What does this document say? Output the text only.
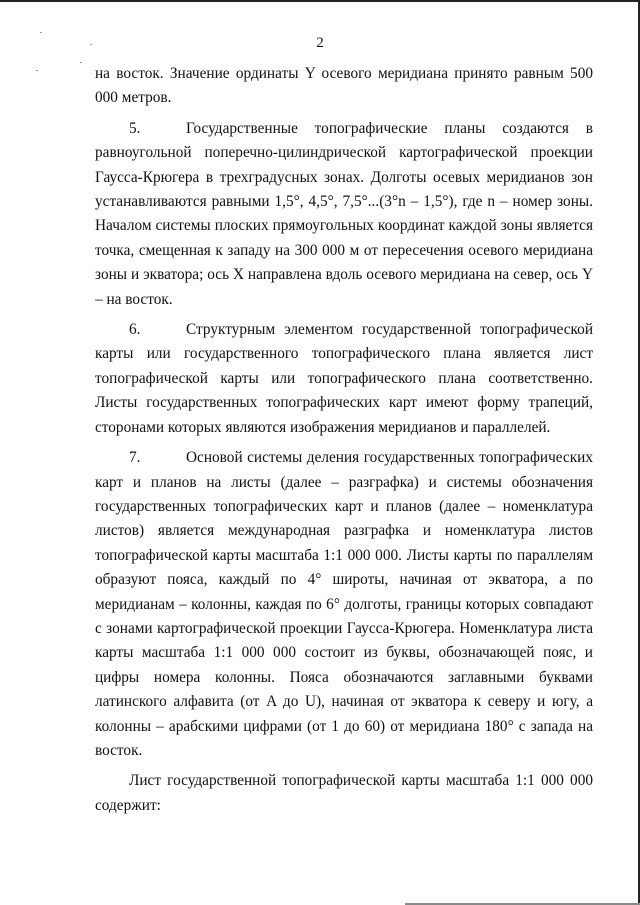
2

на восток. Значение ординаты Y осевого меридиана принято равным 500 000 метров.

5.	Государственные топографические планы создаются в равноугольной поперечно-цилиндрической картографической проекции Гаусса-Крюгера в трехградусных зонах. Долготы осевых меридианов зон устанавливаются равными 1,5°, 4,5°, 7,5°...(3°n – 1,5°), где n – номер зоны. Началом системы плоских прямоугольных координат каждой зоны является точка, смещенная к западу на 300 000 м от пересечения осевого меридиана зоны и экватора; ось X направлена вдоль осевого меридиана на север, ось Y – на восток.

6.	Структурным элементом государственной топографической карты или государственного топографического плана является лист топографической карты или топографического плана соответственно. Листы государственных топографических карт имеют форму трапеций, сторонами которых являются изображения меридианов и параллелей.

7.	Основой системы деления государственных топографических карт и планов на листы (далее – разграфка) и системы обозначения государственных топографических карт и планов (далее – номенклатура листов) является международная разграфка и номенклатура листов топографической карты масштаба 1:1 000 000. Листы карты по параллелям образуют пояса, каждый по 4° широты, начиная от экватора, а по меридианам – колонны, каждая по 6° долготы, границы которых совпадают с зонами картографической проекции Гаусса-Крюгера. Номенклатура листа карты масштаба 1:1 000 000 состоит из буквы, обозначающей пояс, и цифры номера колонны. Пояса обозначаются заглавными буквами латинского алфавита (от A до U), начиная от экватора к северу и югу, а колонны – арабскими цифрами (от 1 до 60) от меридиана 180° с запада на восток.

Лист государственной топографической карты масштаба 1:1 000 000 содержит:
